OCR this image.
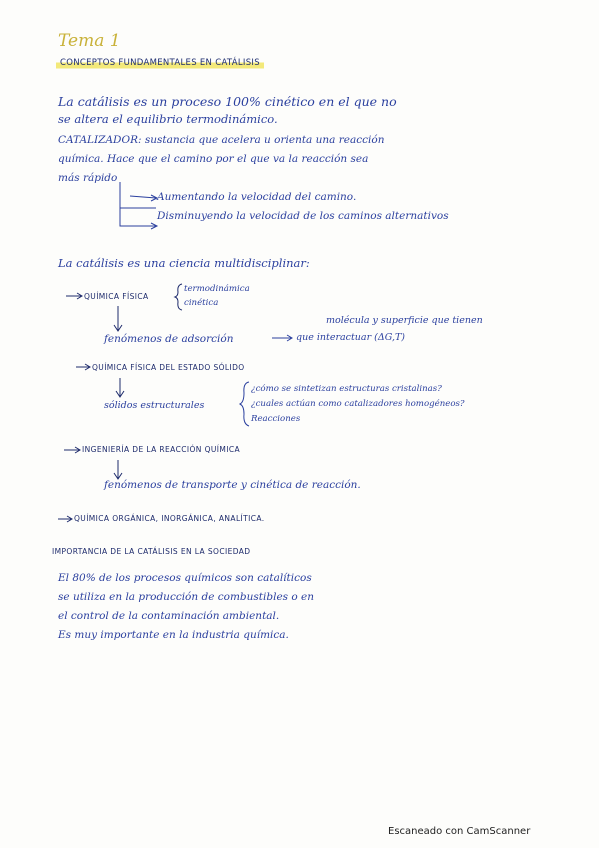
Tema 1
CONCEPTOS FUNDAMENTALES EN CATÁLISIS
La catálisis es un proceso 100% cinético en el que no
se altera el equilibrio termodinámico.
CATALIZADOR: sustancia que acelera u orienta una reacción
química. Hace que el camino por el que va la reacción sea
más rápido
Aumentando la velocidad del camino.
Disminuyendo la velocidad de los caminos alternativos
La catálisis es una ciencia multidisciplinar:
QUÍMICA FÍSICA
termodinámica
cinética
fenómenos de adsorción
molécula y superficie que tienen
que interactuar (ΔG,T)
QUÍMICA FÍSICA DEL ESTADO SÓLIDO
sólidos estructurales
¿cómo se sintetizan estructuras cristalinas?
¿cuales actúan como catalizadores homogéneos?
Reacciones
INGENIERÍA DE LA REACCIÓN QUÍMICA
fenómenos de transporte y cinética de reacción.
QUÍMICA ORGÁNICA, INORGÁNICA, ANALÍTICA.
IMPORTANCIA DE LA CATÁLISIS EN LA SOCIEDAD
El 80% de los procesos químicos son catalíticos
se utiliza en la producción de combustibles o en
el control de la contaminación ambiental.
Es muy importante en la industria química.
Escaneado con CamScanner
